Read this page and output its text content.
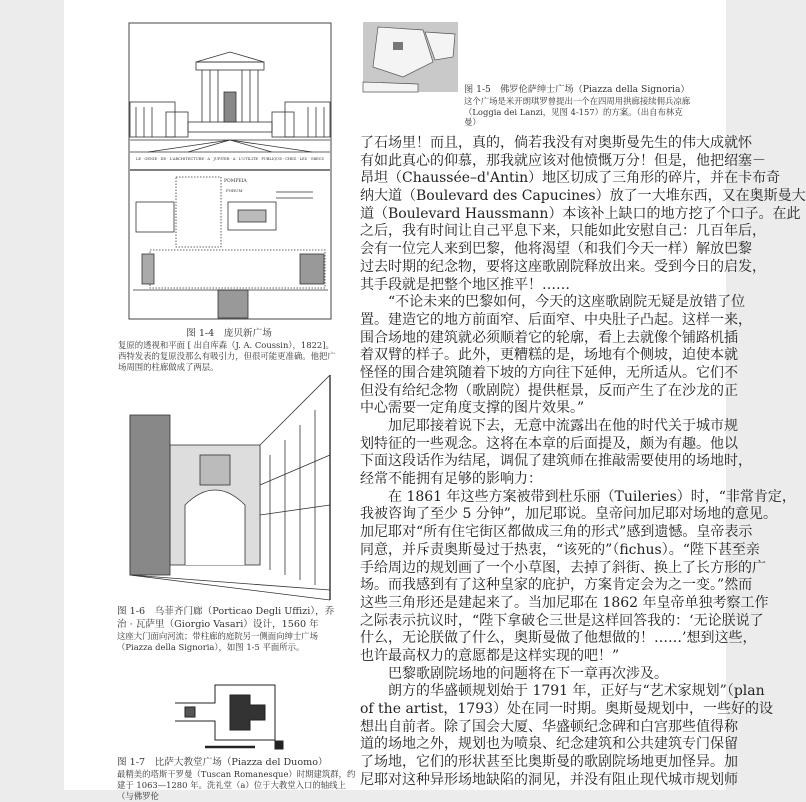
LE · GENIE · DE · L'ARCHITECTURE · A · JUPITER · A · L'UTILITE · PUBLIQUE · CHEZ · LES · GRECS
POMPEIA
FORUM
图 1-4　庞贝新广场
复原的透视和平面 [ 出自库森（J. A. Coussin），1822]。西特发表的复原没那么有吸引力，但很可能更准确。他把广场周围的柱廊做成了两层。
图 1-6　乌菲齐门廊（Porticao Degli Uffizi），乔治 · 瓦萨里（Giorgio Vasari）设计，1560 年
这座大门面向河流；带柱廊的庭院另一侧面向绅士广场（Piazza della Signoria），如图 1-5 平面所示。
图 1-7　比萨大教堂广场（Piazza del Duomo）
最精美的塔斯干罗曼（Tuscan Romanesque）时期建筑群，约建于 1063—1280 年。洗礼堂（a）位于大教堂入口的轴线上（与佛罗伦
图 1-5　佛罗伦萨绅士广场（Piazza della Signoria）
这个广场是米开朗琪罗曾提出一个在四周用拱廊接续佣兵凉廊（Loggia dei Lanzi，见图 4-157）的方案。（出自布林克曼）
了石场里！而且，真的，倘若我没有对奥斯曼先生的伟大成就怀
有如此真心的仰慕，那我就应该对他愤慨万分！但是，他把绍塞－
昂坦（Chaussée–d'Antin）地区切成了三角形的碎片，并在卡布奇
纳大道（Boulevard des Capucines）放了一大堆东西，又在奥斯曼大
道（Boulevard Haussmann）本该补上缺口的地方挖了个口子。在此
之后，我有时间让自己平息下来，只能如此安慰自己：几百年后，
会有一位完人来到巴黎，他将渴望（和我们今天一样）解放巴黎
过去时期的纪念物，要将这座歌剧院释放出来。受到今日的启发，
其手段就是把整个地区推平！……
“不论未来的巴黎如何，今天的这座歌剧院无疑是放错了位
置。建造它的地方前面窄、后面窄、中央肚子凸起。这样一来，
围合场地的建筑就必须顺着它的轮廓，看上去就像个铺路机插
着双臂的样子。此外，更糟糕的是，场地有个侧坡，迫使本就
怪怪的围合建筑随着下坡的方向往下延伸，无所适从。它们不
但没有给纪念物（歌剧院）提供框景，反而产生了在沙龙的正
中心需要一定角度支撑的图片效果。”
加尼耶接着说下去，无意中流露出在他的时代关于城市规
划特征的一些观念。这将在本章的后面提及，颇为有趣。他以
下面这段话作为结尾，调侃了建筑师在推敲需要使用的场地时，
经常不能拥有足够的影响力：
在 1861 年这些方案被带到杜乐丽（Tuileries）时，“非常肯定，
我被咨询了至少 5 分钟”，加尼耶说。皇帝问加尼耶对场地的意见。
加尼耶对“所有住宅街区都做成三角的形式”感到遗憾。皇帝表示
同意，并斥责奥斯曼过于热衷，“该死的”（fichus）。“陛下甚至亲
手给周边的规划画了一个小草图，去掉了斜街、换上了长方形的广
场。而我感到有了这种皇家的庇护，方案肯定会为之一变。”然而
这些三角形还是建起来了。当加尼耶在 1862 年皇帝单独考察工作
之际表示抗议时，“陛下拿破仑三世是这样回答我的：‘无论朕说了
什么，无论朕做了什么，奥斯曼做了他想做的！……’想到这些，
也许最高权力的意愿都是这样实现的吧！”
巴黎歌剧院场地的问题将在下一章再次涉及。
朗方的华盛顿规划始于 1791 年，正好与“艺术家规划”（plan
of the artist，1793）处在同一时期。奥斯曼规划中，一些好的设
想出自前者。除了国会大厦、华盛顿纪念碑和白宫那些值得称
道的场地之外，规划也为喷泉、纪念建筑和公共建筑专门保留
了场地，它们的形状甚至比奥斯曼的歌剧院场地更加怪异。加
尼耶对这种异形场地缺陷的洞见，并没有阻止现代城市规划师
